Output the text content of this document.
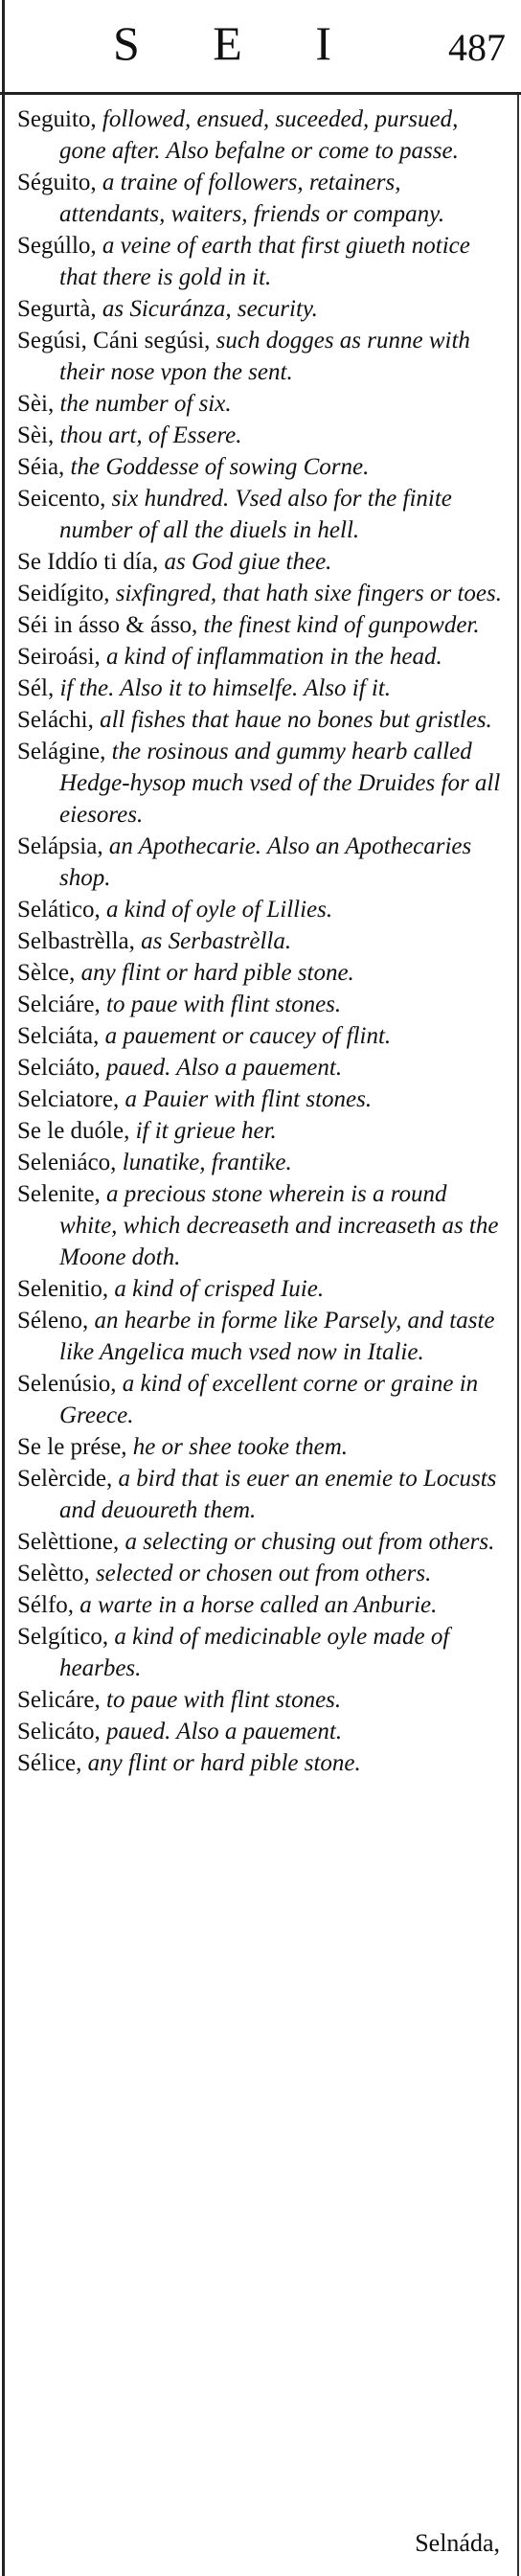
S E I	487

Seguito, followed, ensued, suceeded, pursued, gone after. Also befalne or come to passe.

Séguito, a traine of followers, retainers, attendants, waiters, friends or company.

Segúllo, a veine of earth that first giueth notice that there is gold in it.

Segurtà, as Sicuránza, security.

Segúsi, Cáni segúsi, such dogges as runne with their nose vpon the sent.

Sèi, the number of six.

Sèi, thou art, of Essere.

Séia, the Goddesse of sowing Corne.

Seicento, six hundred. Vsed also for the finite number of all the diuels in hell.

Se Iddío ti día, as God giue thee.

Seidígito, sixfingred, that hath sixe fingers or toes.

Séi in ásso & ásso, the finest kind of gunpowder.

Seiroási, a kind of inflammation in the head.

Sél, if the. Also it to himselfe. Also if it.

Seláchi, all fishes that haue no bones but gristles.

Selágine, the rosinous and gummy hearb called Hedge-hysop much vsed of the Druides for all eiesores.

Selápsia, an Apothecarie. Also an Apothecaries shop.

Selático, a kind of oyle of Lillies.

Selbastrèlla, as Serbastrèlla.

Sèlce, any flint or hard pible stone.

Selciáre, to paue with flint stones.

Selciáta, a pauement or caucey of flint.

Selciáto, paued. Also a pauement.

Selciatore, a Pauier with flint stones.

Se le duóle, if it grieue her.

Seleniáco, lunatike, frantike.

Selenite, a precious stone wherein is a round white, which decreaseth and increaseth as the Moone doth.

Selenitio, a kind of crisped Iuie.

Séleno, an hearbe in forme like Parsely, and taste like Angelica much vsed now in Italie.

Selenúsio, a kind of excellent corne or graine in Greece.

Se le prése, he or shee tooke them.

Selèrcide, a bird that is euer an enemie to Locusts and deuoureth them.

Selèttione, a selecting or chusing out from others.

Selètto, selected or chosen out from others.

Sélfo, a warte in a horse called an Anburie.

Selgítico, a kind of medicinable oyle made of hearbes.

Selicáre, to paue with flint stones.

Selicáto, paued. Also a pauement.

Sélice, any flint or hard pible stone.

Selnáda,
